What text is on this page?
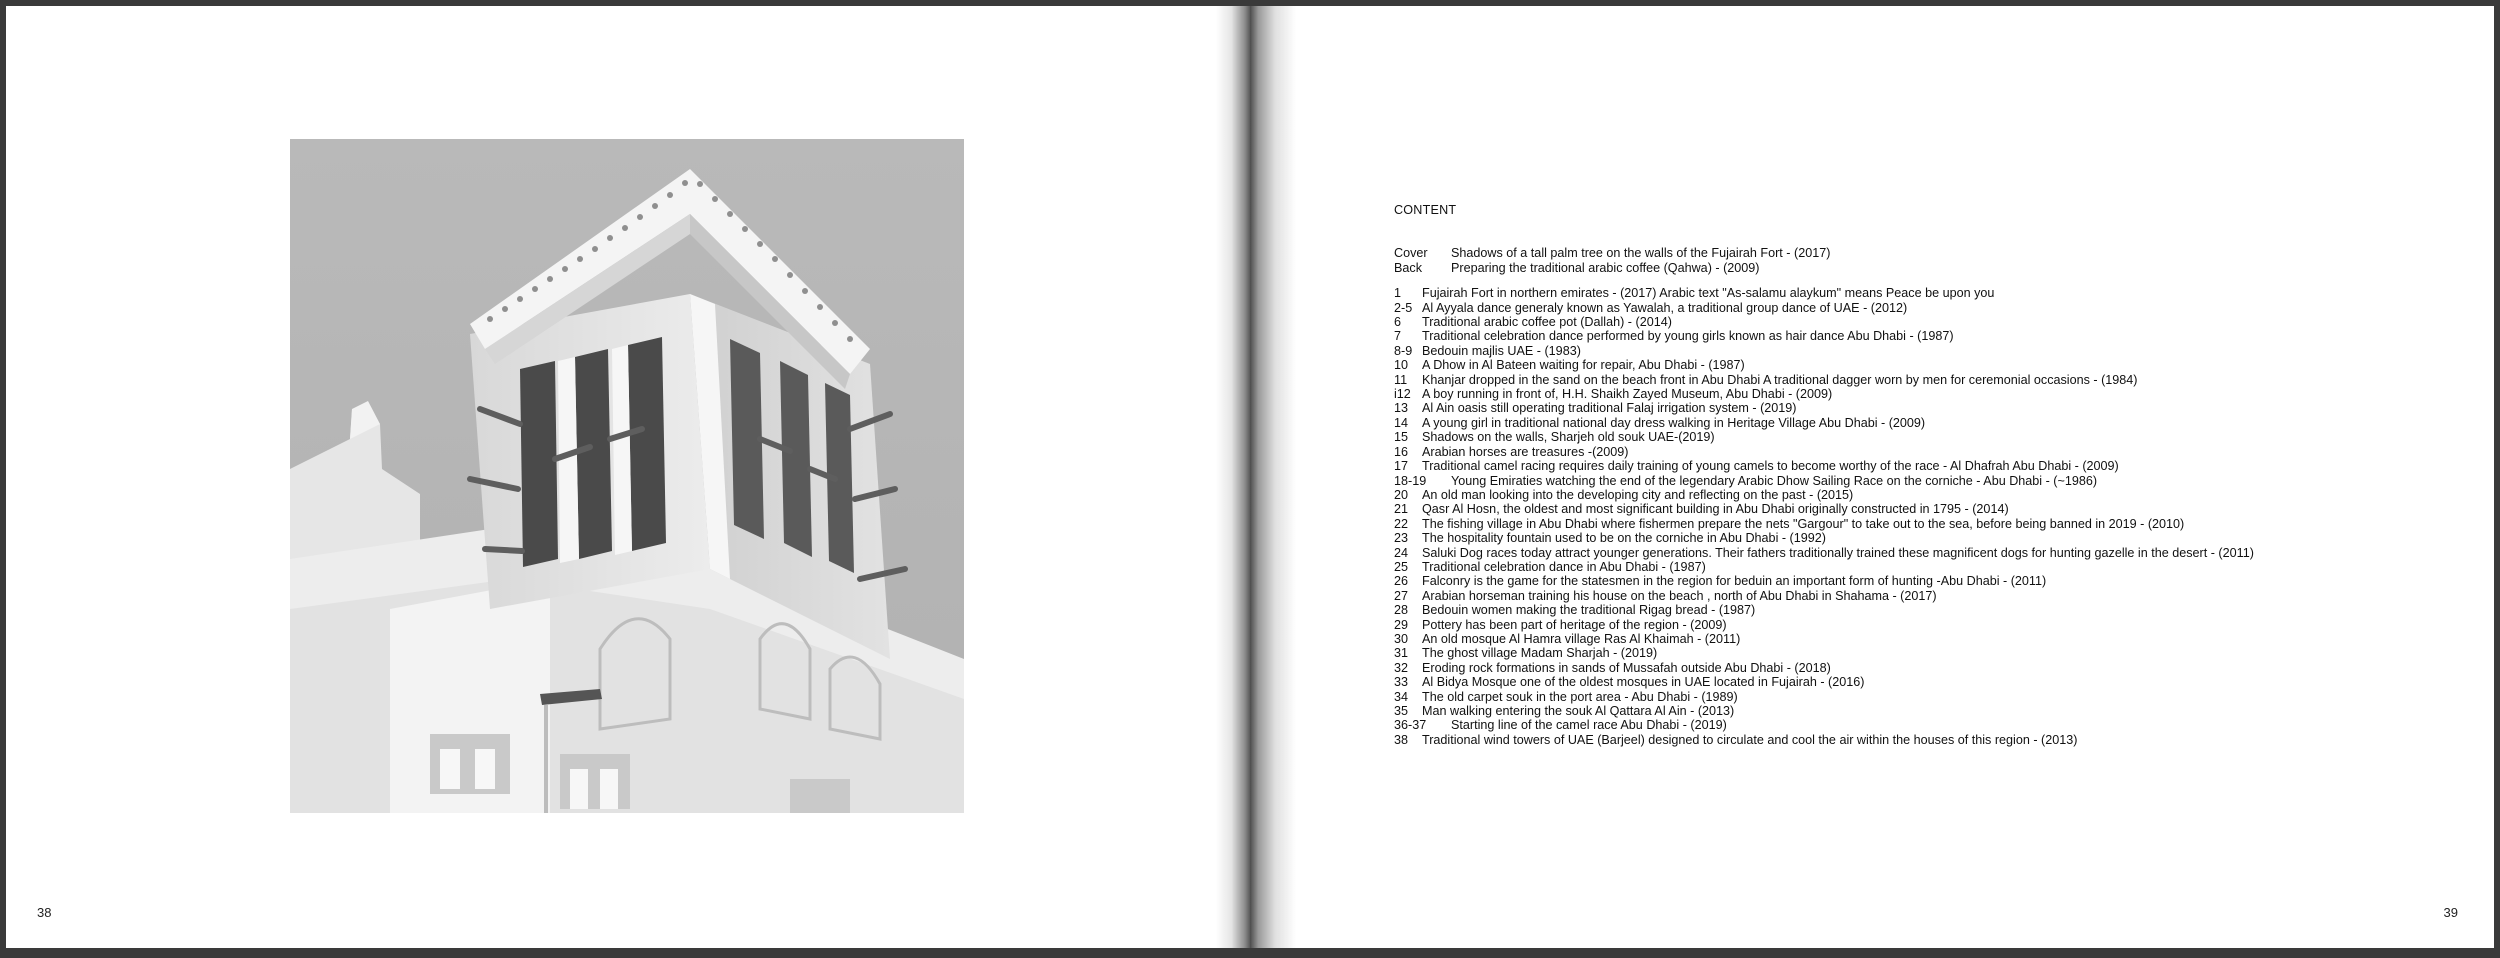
38
CONTENT
Cover	Shadows of a tall palm tree on the walls of the Fujairah Fort - (2017)
Back	Preparing the traditional arabic coffee (Qahwa) - (2009)
1	Fujairah Fort in northern emirates - (2017) Arabic text "As-salamu alaykum" means Peace be upon you
2-5 Al Ayyala dance generaly known as Yawalah, a traditional group dance of UAE - (2012)
6	Traditional arabic coffee pot (Dallah) - (2014)
7	Traditional celebration dance performed by young girls known as hair dance Abu Dhabi - (1987)
8-9 Bedouin majlis UAE - (1983)
10	A Dhow in Al Bateen waiting for repair, Abu Dhabi - (1987)
11	Khanjar dropped in the sand on the beach front in Abu Dhabi A traditional dagger worn by men for ceremonial occasions - (1984)
i12 A boy running in front of, H.H. Shaikh Zayed Museum, Abu Dhabi - (2009)
13	Al Ain oasis still operating traditional Falaj irrigation system - (2019)
14	A young girl in traditional national day dress walking in Heritage Village Abu Dhabi - (2009)
15	Shadows on the walls, Sharjeh old souk UAE-(2019)
16	Arabian horses are treasures -(2009)
17	Traditional camel racing requires daily training of young camels to become worthy of the race - Al Dhafrah Abu Dhabi - (2009)
18-19	Young Emiraties watching the end of the legendary Arabic Dhow Sailing Race on the corniche - Abu Dhabi - (~1986)
20	An old man looking into the developing city and reflecting on the past - (2015)
21	Qasr Al Hosn, the oldest and most significant building in Abu Dhabi originally constructed in 1795 - (2014)
22	The fishing village in Abu Dhabi where fishermen prepare the nets "Gargour" to take out to the sea, before being banned in 2019 - (2010)
23	The hospitality fountain used to be on the corniche in Abu Dhabi - (1992)
24	Saluki Dog races today attract younger generations. Their fathers traditionally trained these magnificent dogs for hunting gazelle in the desert - (2011)
25	Traditional celebration dance in Abu Dhabi - (1987)
26	Falconry is the game for the statesmen in the region for beduin an important form of hunting -Abu Dhabi - (2011)
27	Arabian horseman training his house on the beach , north of Abu Dhabi in Shahama - (2017)
28	Bedouin women making the traditional Rigag bread - (1987)
29	Pottery has been part of heritage of the region - (2009)
30	An old mosque Al Hamra village Ras Al Khaimah - (2011)
31	The ghost village Madam Sharjah - (2019)
32	Eroding rock formations in sands of Mussafah outside Abu Dhabi - (2018)
33	Al Bidya Mosque one of the oldest mosques in UAE located in Fujairah - (2016)
34	The old carpet souk in the port area - Abu Dhabi - (1989)
35	Man walking entering the souk Al Qattara Al Ain - (2013)
36-37	Starting line of the camel race Abu Dhabi - (2019)
38	Traditional wind towers of UAE (Barjeel) designed to circulate and cool the air within the houses of this region - (2013)
39
